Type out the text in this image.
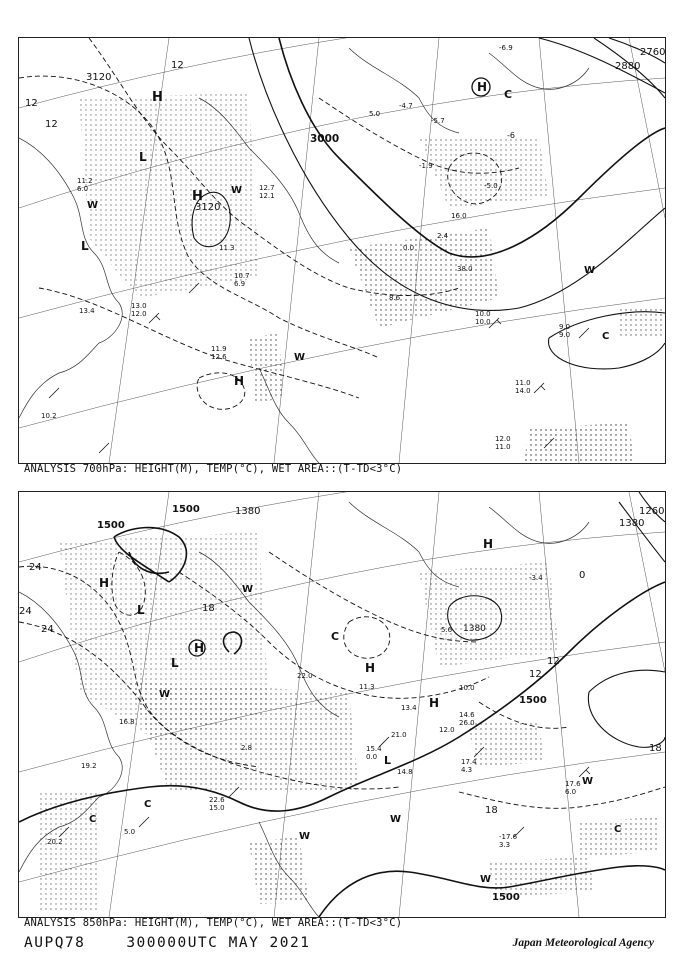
H
H
H
L
L
H
C
W
W
C
W
W
3120
3120
3000
2880
2760
12
12
12
-6
10.0
10.0
11.0
14.0
12.0
11.0
9.0
9.0
13.0
12.0
11.9
12.6
10.2
13.4
11.2
6.0	-5.0
-1.9
-5.7
5.0
2.4
16.0
38.0
10.7
6.9
11.3
12.7
12.1
-4.7
-6.9
8.6
0.0
ANALYSIS 700hPa: HEIGHT(M), TEMP(°C), WET AREA::(T-TD<3°C)
H
L
L
H
H
C
H
H
L
W
W
C
W
C
W
C
W
W
1500
1500
1500
1500
1380
1380
1260
1380
24
24
24
18
18
18
12
12
0
-3.4
17.6
6.0
22.6
15.0
17.4
4.3
-17.6
3.3
14.6
26.0
15.4
0.0
20.2
5.0
16.8
22.0
10.0
5.6
12.0
14.8
21.0
13.4
11.3
19.2
2.8
ANALYSIS 850hPa: HEIGHT(M), TEMP(°C), WET AREA::(T-TD<3°C)
AUPQ78	300000UTC MAY 2021	Japan Meteorological Agency
